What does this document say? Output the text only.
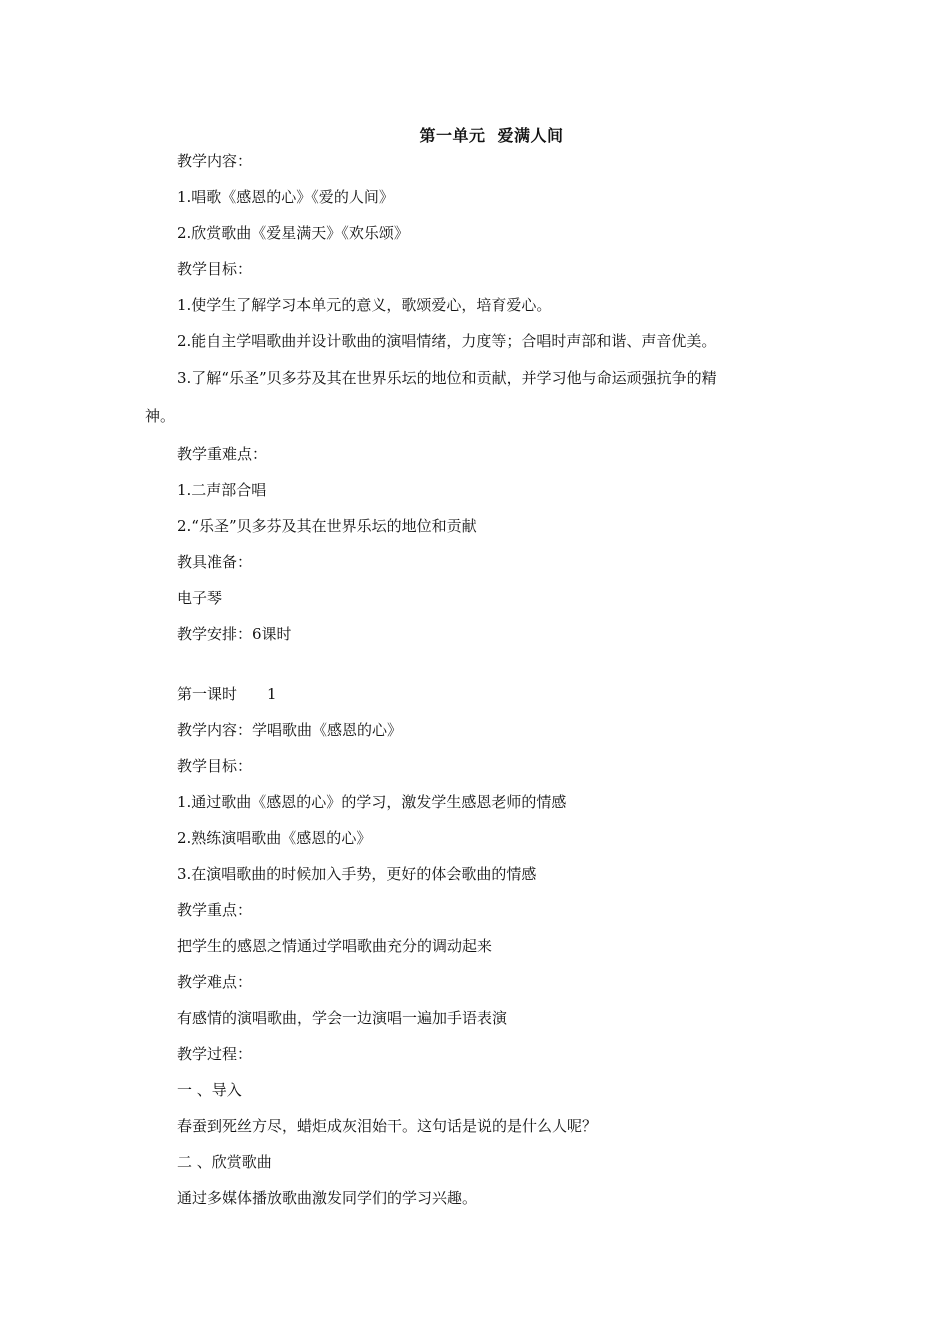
第一单元 爱满人间
教学内容：
1.唱歌《感恩的心》《爱的人间》
2.欣赏歌曲《爱星满天》《欢乐颂》
教学目标：
1.使学生了解学习本单元的意义，歌颂爱心，培育爱心。
2.能自主学唱歌曲并设计歌曲的演唱情绪，力度等；合唱时声部和谐、声音优美。
3.了解“乐圣”贝多芬及其在世界乐坛的地位和贡献，并学习他与命运顽强抗争的精
神。
教学重难点：
1.二声部合唱
2.“乐圣”贝多芬及其在世界乐坛的地位和贡献
教具准备：
电子琴
教学安排：6课时
第一课时 1
教学内容：学唱歌曲《感恩的心》
教学目标：
1.通过歌曲《感恩的心》的学习，激发学生感恩老师的情感
2.熟练演唱歌曲《感恩的心》
3.在演唱歌曲的时候加入手势，更好的体会歌曲的情感
教学重点：
把学生的感恩之情通过学唱歌曲充分的调动起来
教学难点：
有感情的演唱歌曲，学会一边演唱一遍加手语表演
教学过程：
一 、导入
春蚕到死丝方尽，蜡炬成灰泪始干。这句话是说的是什么人呢？
二 、欣赏歌曲
通过多媒体播放歌曲激发同学们的学习兴趣。
